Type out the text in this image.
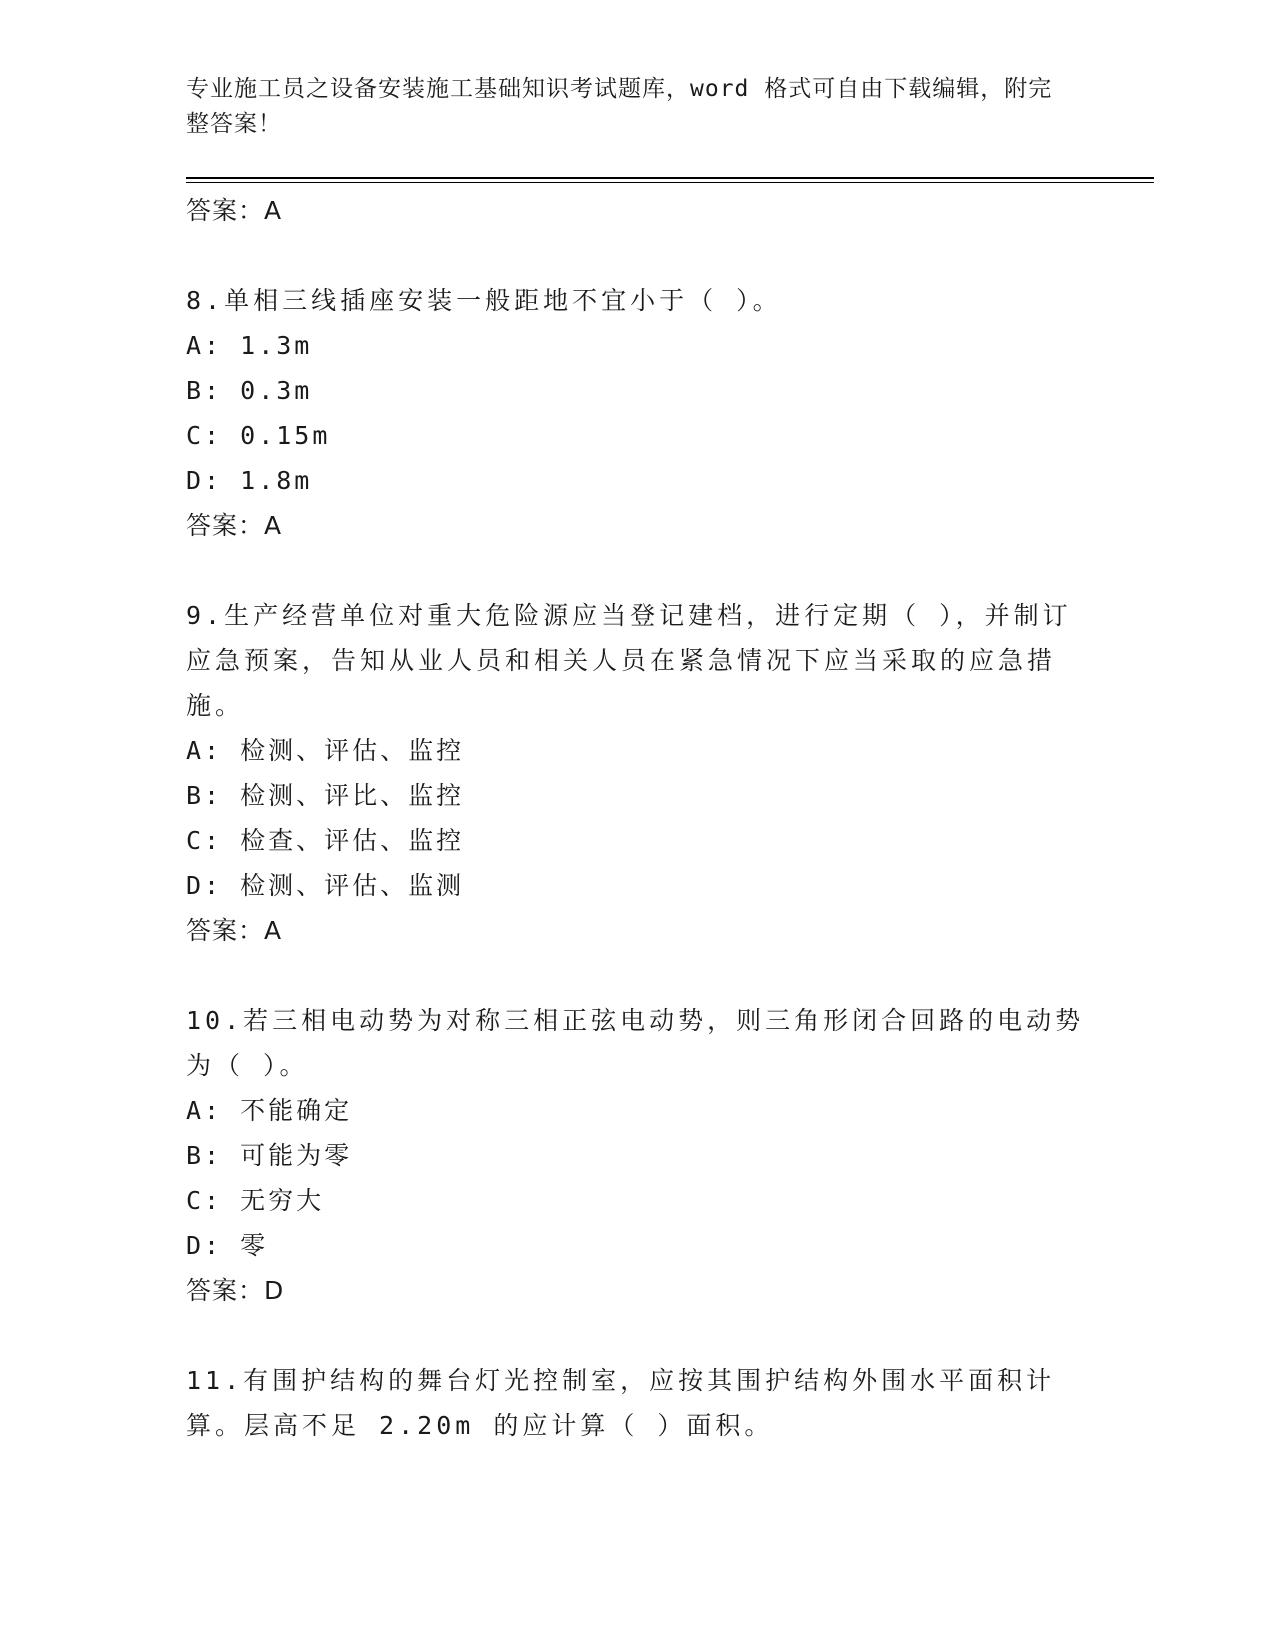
专业施工员之设备安装施工基础知识考试题库，word 格式可自由下载编辑，附完整答案！
答案：A
8.单相三线插座安装一般距地不宜小于（ ）。
A: 1.3m
B: 0.3m
C: 0.15m
D: 1.8m
答案：A
9.生产经营单位对重大危险源应当登记建档，进行定期（ ），并制订应急预案，告知从业人员和相关人员在紧急情况下应当采取的应急措施。
A: 检测、评估、监控
B: 检测、评比、监控
C: 检查、评估、监控
D: 检测、评估、监测
答案：A
10.若三相电动势为对称三相正弦电动势，则三角形闭合回路的电动势为（ ）。
A: 不能确定
B: 可能为零
C: 无穷大
D: 零
答案：D
11.有围护结构的舞台灯光控制室，应按其围护结构外围水平面积计算。层高不足 2.20m 的应计算（ ）面积。
